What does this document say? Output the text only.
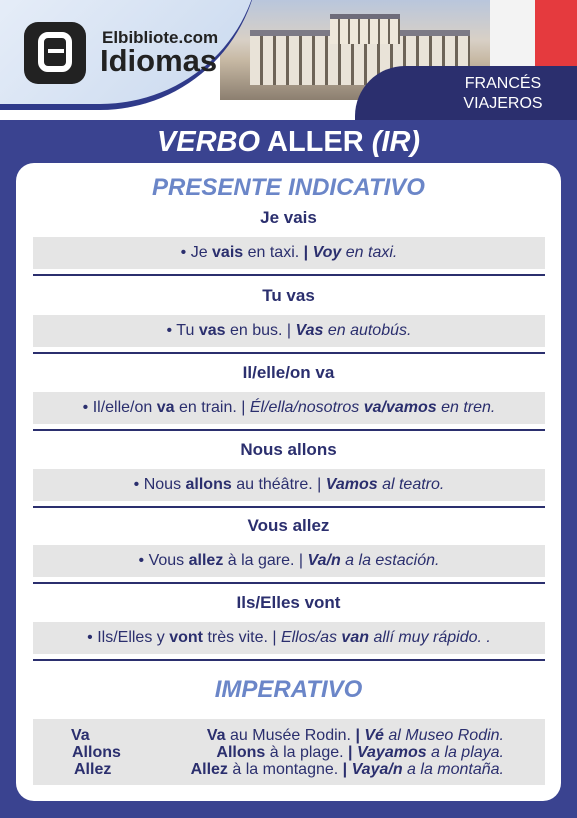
Elbibliote.com
Idiomas
FRANCÉS
VIAJEROS
VERBO ALLER (IR)
PRESENTE INDICATIVO
Je vais
• Je vais en taxi. | Voy en taxi.
Tu vas
• Tu vas en bus. | Vas en autobús.
Il/elle/on va
• Il/elle/on va en train. | Él/ella/nosotros va/vamos en tren.
Nous allons
• Nous allons au théâtre. | Vamos al teatro.
Vous allez
• Vous allez à la gare. | Va/n a la estación.
Ils/Elles vont
• Ils/Elles y vont très vite. | Ellos/as van allí muy rápido. .
IMPERATIVO
Va	Va au Musée Rodin. | Vé al Museo Rodin.
Allons	Allons à la plage. | Vayamos a la playa.
Allez	Allez à la montagne. | Vaya/n a la montaña.
